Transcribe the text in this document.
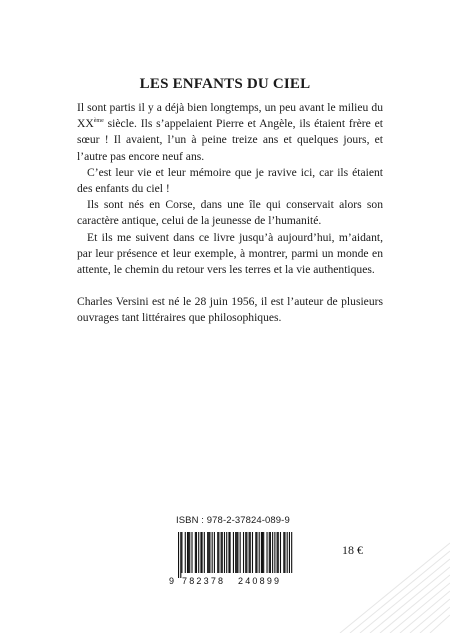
LES ENFANTS DU CIEL

Il sont partis il y a déjà bien longtemps, un peu avant le milieu du XXème siècle. Ils s’appelaient Pierre et Angèle, ils étaient frère et sœur ! Il avaient, l’un à peine treize ans et quelques jours, et l’autre pas encore neuf ans.

C’est leur vie et leur mémoire que je ravive ici, car ils étaient des enfants du ciel !

Ils sont nés en Corse, dans une île qui conservait alors son caractère antique, celui de la jeunesse de l’humanité.

Et ils me suivent dans ce livre jusqu’à aujourd’hui, m’aidant, par leur présence et leur exemple, à montrer, parmi un monde en attente, le chemin du retour vers les terres et la vie authentiques.

Charles Versini est né le 28 juin 1956, il est l’auteur de plusieurs ouvrages tant littéraires que philosophiques.

ISBN : 978-2-37824-089-9
9 782378 240899
18 €
